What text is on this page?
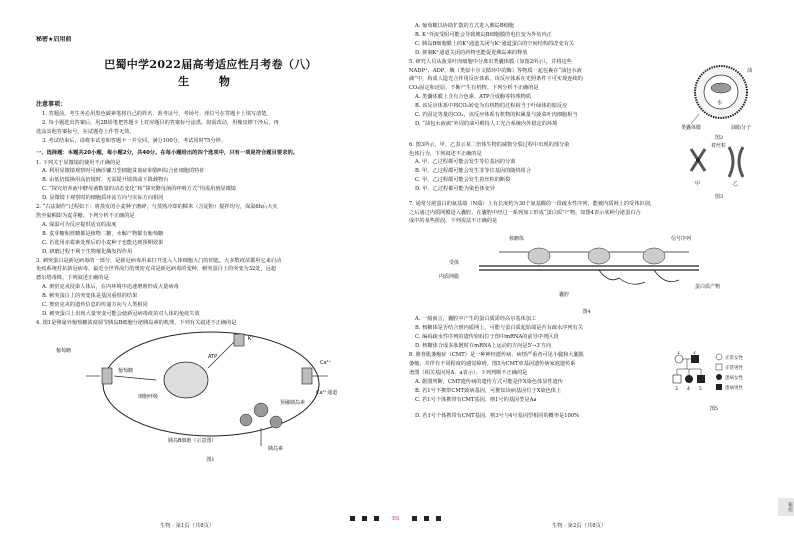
秘密★启用前

巴蜀中学2022届高考适应性月考卷（八）

生 物

注意事项：

1. 答题前，考生务必用黑色碳素笔将自己的姓名、准考证号、考场号、座位号在答题卡上填写清楚。

2. 每小题选出答案后，用2B铅笔把答题卡上对应题目的答案标号涂黑。如需改动，用橡皮擦干净后，再

选涂其他答案标号。在试题卷上作答无效。

3. 考试结束后，请将本试卷和答题卡一并交回。满分100分，考试用时75分钟。

一、选择题：本题共20小题，每小题2分，共40分。在每小题给出的四个选项中，只有一项是符合题目要求的。

1. 下列关于显微镜的使用不正确的是

A. 利用显微镜观察时可确诊镰刀型细胞贫血症和猫叫综合征细胞的特征

B. 由低倍镜换用高倍镜时，无需提升镜筒或下降载物台

C. “探究培养液中酵母菌数量的动态变化”和“探究酵母菌的呼吸方式”均需用到显微镜

D. 显微镜下观察时的细胞质环流方向与实际方向相同

2. “古法制作”过程如下：将蒸发的小麦种子磨碎，与蒸熟冷却的糯米（含淀粉）搅拌均匀，保温6h后大火

熬至黏稠即为麦芽糖。下列分析不正确的是

A. 保温可为反应提供适宜的温度

B. 麦芽糖和蔗糖都是植物二糖，水解产物都有葡萄糖

C. 若选用赤霉素处理后的小麦种子也能达到预期效果

D. 研磨过程不利于生物催化酶发挥作用

3. 刺突蛋白是新冠病毒的一部分，是新冠病毒用来打开进入人体细胞大门的钥匙。大多数疫苗都用它来启动

免疫系统对抗新冠病毒。最近全世界流行的奥密克戎是新冠病毒的变种，刺突蛋白上的突变为32处，远超

德尔塔毒株。下列叙述正确的是

A. 奥密克戎侵染人体后，在内环境中迅速增殖形成大量病毒

B. 刺突蛋白上的突变体是基因重组的结果

C. 奥密克戎的遗传信息的传递方向与人类相同

D. 刺突蛋白上出现大量突变可能会使新冠病毒疫苗对人体的免疫失效

4. 图1是卵巢外葡萄糖浓度调节胰岛B细胞分泌胰岛素的机理，下列有关叙述不正确的是

葡萄糖
葡萄糖
细胞呼吸
ATP
K⁺
Ca²⁺
Ca²⁺通道
预融胰岛素
胰岛素
胰岛B细胞（示意图）

图1

生物 · 第1页（共8页）

BS

A. 葡萄糖以协助扩散的方式进入胰岛B细胞

B. K⁺外流受阻可能会导致胰岛B细胞膜的电位变为外负内正

C. 胰岛B细胞膜上的K⁺通道关闭与K⁺通道蛋白的空间结构的改变有关

D. 抑制K⁺通道关闭的药物也能促进胰岛素的释放

5. 研究人员从菠菜叶肉细胞中分离出类囊体膜（如图2所示），并将这些

NADP⁺、ADP、酶（类似卡尔文循环中的酶）等物质一起包裹在“油包水液

滴”中，构成人造光合作用反应体系。该反应体系在光照条件下可实现连续的

CO₂固定和还原，不断产生有机物。下列分析不正确的是

A. 类囊体膜上含有合色素、ATP合成酶等特殊物质

B. 该反应体系中将CO₂转变为有机物的过程相当于叶绿体的暗反应

C. 若固定等量的CO₂，该反应体系有机物的积累量与菠菜叶肉细胞相当

D. “油包水液滴”外周的油可维持人工光合系统内外稳定的环境

类囊体膜
油
水
油脂分子

图2

6. 图3所示，甲、乙表示某二倍体生物的减数分裂过程中出现的部分染

色体行为，下列叙述不正确的是

A. 甲、乙过程都可能会发生等位基因的分离

B. 甲、乙过程都可能会发生非等位基因的随机组合

C. 甲、乙过程都可能会发生着丝粒的断裂

D. 甲、乙过程都可能为染色体变异

着丝粒
甲	乙

图3

7. 通常分泌蛋白的氨基端（N端）上有长度约为30个氨基酸的一段疏水性序列，能被内质网上的受体识别，

之后通过内质网膜进入囊腔。在囊腔中经过一系列加工形成“蛋白质”产物。如图4表示某种分泌蛋白合

成中的某些阶段。下列说法不正确的是

信号序列
核糖体
受体
内质网膜
蛋白质产物
囊腔

图4

A. 一般而言，囊腔中产生的蛋白质需经高尔基体加工

B. 核糖体是否结合到内质网上，可能与蛋白质起始端是否有疏水序列有关

C. 编码疏水性序列的遗传密码位于图中mRNA的前导序列区段

D. 核糖体合成多肽链时在mRNA上运动的方向是5′→3′方向

8. 腓骨肌萎缩症（CMT）是一种神经遗传病，病情严重者可见小腿和大腿肌

萎缩。并伴有不同程度的感觉障碍。图5为CMT单基因遗传病家庭遗传系

谱图（相关基因用A、a表示）。下列判断不正确的是

A. 据图判断，CMT遗传病的遗传方式可能是伴X染色体显性遗传

B. 若1号不携带CMT致病基因，可推知该病基因位于X染色体上

C. 若1号个体携带有CMT基因，则1号的基因型是Aa

1	2
3 4 5
正常女性
正常男性
患病女性
患病男性

图5

D. 若1号个体携带有CMT基因，则3号与4号基因型相同的概率是100%

生物 · 第2页（共8页）

秘密
